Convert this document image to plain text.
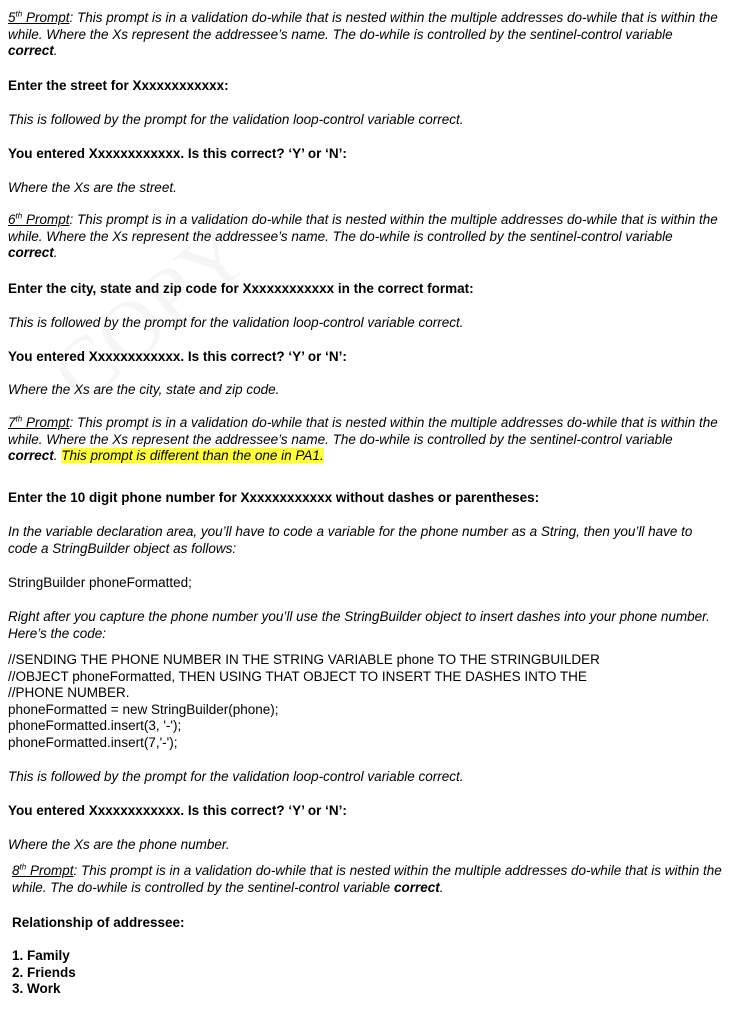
5th Prompt: This prompt is in a validation do-while that is nested within the multiple addresses do-while that is within the while. Where the Xs represent the addressee’s name. The do-while is controlled by the sentinel-control variable correct.

Enter the street for Xxxxxxxxxxxx:

This is followed by the prompt for the validation loop-control variable correct.

You entered Xxxxxxxxxxxx. Is this correct? ‘Y’ or ‘N’:

Where the Xs are the street.

6th Prompt: This prompt is in a validation do-while that is nested within the multiple addresses do-while that is within the while. Where the Xs represent the addressee’s name. The do-while is controlled by the sentinel-control variable correct.

Enter the city, state and zip code for Xxxxxxxxxxxx in the correct format:

This is followed by the prompt for the validation loop-control variable correct.

You entered Xxxxxxxxxxxx. Is this correct? ‘Y’ or ‘N’:

Where the Xs are the city, state and zip code.

7th Prompt: This prompt is in a validation do-while that is nested within the multiple addresses do-while that is within the while. Where the Xs represent the addressee’s name. The do-while is controlled by the sentinel-control variable correct. This prompt is different than the one in PA1.

Enter the 10 digit phone number for Xxxxxxxxxxxx without dashes or parentheses:

In the variable declaration area, you’ll have to code a variable for the phone number as a String, then you’ll have to code a StringBuilder object as follows:

StringBuilder phoneFormatted;

Right after you capture the phone number you’ll use the StringBuilder object to insert dashes into your phone number. Here’s the code:

//SENDING THE PHONE NUMBER IN THE STRING VARIABLE phone TO THE STRINGBUILDER
//OBJECT phoneFormatted, THEN USING THAT OBJECT TO INSERT THE DASHES INTO THE
//PHONE NUMBER.
phoneFormatted = new StringBuilder(phone);
phoneFormatted.insert(3, '-');
phoneFormatted.insert(7,'-');

This is followed by the prompt for the validation loop-control variable correct.

You entered Xxxxxxxxxxxx. Is this correct? ‘Y’ or ‘N’:

Where the Xs are the phone number.

8th Prompt: This prompt is in a validation do-while that is nested within the multiple addresses do-while that is within the while. The do-while is controlled by the sentinel-control variable correct.

Relationship of addressee:

1. Family
2. Friends
3. Work
